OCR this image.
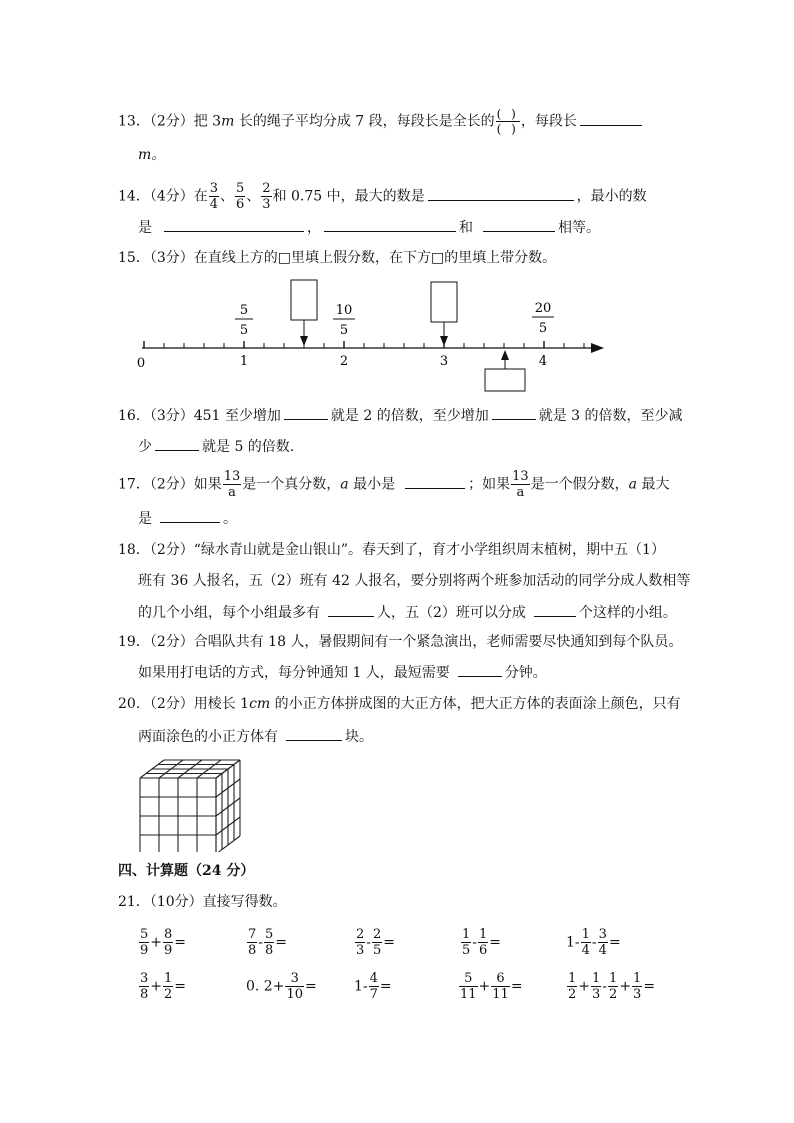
13．（2分）把 3m 长的绳子平均分成 7 段，每段长是全长的 $\frac{( )}{( )}$ ，每段长
m。
14．（4分）在 $\frac{3}{4}$ 、 $\frac{5}{6}$ 、 $\frac{2}{3}$ 和 0.75 中，最大的数是	，最小的数
是	，	和	相等。
15．（3分）在直线上方的□里填上假分数，在下方□的里填上带分数。
5
5
10
5
20
5
0	1	2	3	4
16．（3分）451 至少增加	就是 2 的倍数，至少增加	就是 3 的倍数，至少减
少	就是 5 的倍数.
17．（2分）如果 $\frac{13}{a}$ 是一个真分数，a 最小是	；如果 $\frac{13}{a}$ 是一个假分数，a 最大
是	。
18．（2分）“绿水青山就是金山银山”。春天到了，育才小学组织周末植树，期中五（1）
班有 36 人报名，五（2）班有 42 人报名，要分别将两个班参加活动的同学分成人数相等
的几个小组，每个小组最多有	人，五（2）班可以分成	个这样的小组。
19．（2分）合唱队共有 18 人，暑假期间有一个紧急演出，老师需要尽快通知到每个队员。
如果用打电话的方式，每分钟通知 1 人，最短需要	分钟。
20．（2分）用棱长 1cm 的小正方体拼成图的大正方体，把大正方体的表面涂上颜色，只有
两面涂色的小正方体有	块。
四、计算题（24 分）
21．（10分）直接写得数。
$\frac{5}{9} + \frac{8}{9}$ =	$\frac{7}{8} - \frac{5}{8}$ =	$\frac{2}{3} - \frac{2}{5}$ =	$\frac{1}{5} - \frac{1}{6}$ =	$1- \frac{1}{4} - \frac{3}{4}$ =
$\frac{3}{8} + \frac{1}{2}$ =	0. $2+ \frac{3}{10}$ =	$1- \frac{4}{7}$ =	$\frac{5}{11} + \frac{6}{11}$ =	$\frac{1}{2} + \frac{1}{3} - \frac{1}{2} + \frac{1}{3}$ =
